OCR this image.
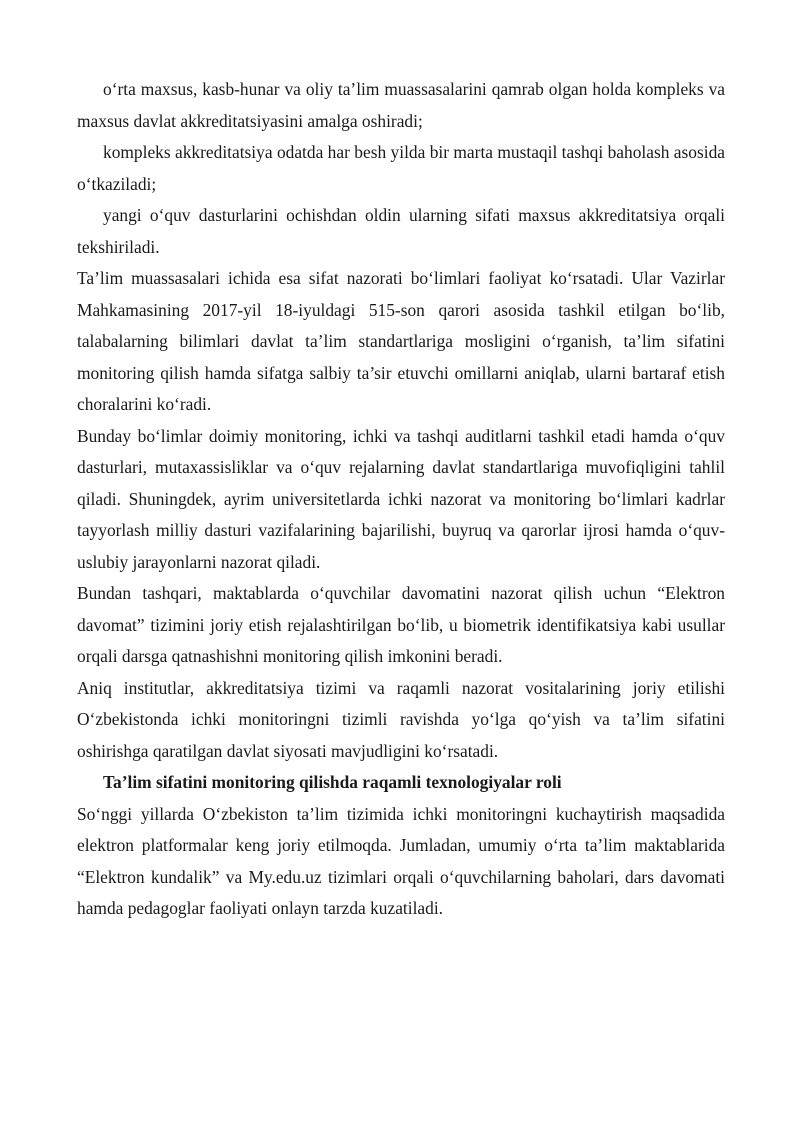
o‘rta maxsus, kasb-hunar va oliy ta’lim muassasalarini qamrab olgan holda kompleks va maxsus davlat akkreditatsiyasini amalga oshiradi;

kompleks akkreditatsiya odatda har besh yilda bir marta mustaqil tashqi baholash asosida o‘tkaziladi;

yangi o‘quv dasturlarini ochishdan oldin ularning sifati maxsus akkreditatsiya orqali tekshiriladi.

Ta’lim muassasalari ichida esa sifat nazorati bo‘limlari faoliyat ko‘rsatadi. Ular Vazirlar Mahkamasining 2017-yil 18-iyuldagi 515-son qarori asosida tashkil etilgan bo‘lib, talabalarning bilimlari davlat ta’lim standartlariga mosligini o‘rganish, ta’lim sifatini monitoring qilish hamda sifatga salbiy ta’sir etuvchi omillarni aniqlab, ularni bartaraf etish choralarini ko‘radi.

Bunday bo‘limlar doimiy monitoring, ichki va tashqi auditlarni tashkil etadi hamda o‘quv dasturlari, mutaxassisliklar va o‘quv rejalarning davlat standartlariga muvofiqligini tahlil qiladi. Shuningdek, ayrim universitetlarda ichki nazorat va monitoring bo‘limlari kadrlar tayyorlash milliy dasturi vazifalarining bajarilishi, buyruq va qarorlar ijrosi hamda o‘quv-uslubiy jarayonlarni nazorat qiladi.

Bundan tashqari, maktablarda o‘quvchilar davomatini nazorat qilish uchun “Elektron davomat” tizimini joriy etish rejalashtirilgan bo‘lib, u biometrik identifikatsiya kabi usullar orqali darsga qatnashishni monitoring qilish imkonini beradi.

Aniq institutlar, akkreditatsiya tizimi va raqamli nazorat vositalarining joriy etilishi O‘zbekistonda ichki monitoringni tizimli ravishda yo‘lga qo‘yish va ta’lim sifatini oshirishga qaratilgan davlat siyosati mavjudligini ko‘rsatadi.

Ta’lim sifatini monitoring qilishda raqamli texnologiyalar roli

So‘nggi yillarda O‘zbekiston ta’lim tizimida ichki monitoringni kuchaytirish maqsadida elektron platformalar keng joriy etilmoqda. Jumladan, umumiy o‘rta ta’lim maktablarida “Elektron kundalik” va My.edu.uz tizimlari orqali o‘quvchilarning baholari, dars davomati hamda pedagoglar faoliyati onlayn tarzda kuzatiladi.
